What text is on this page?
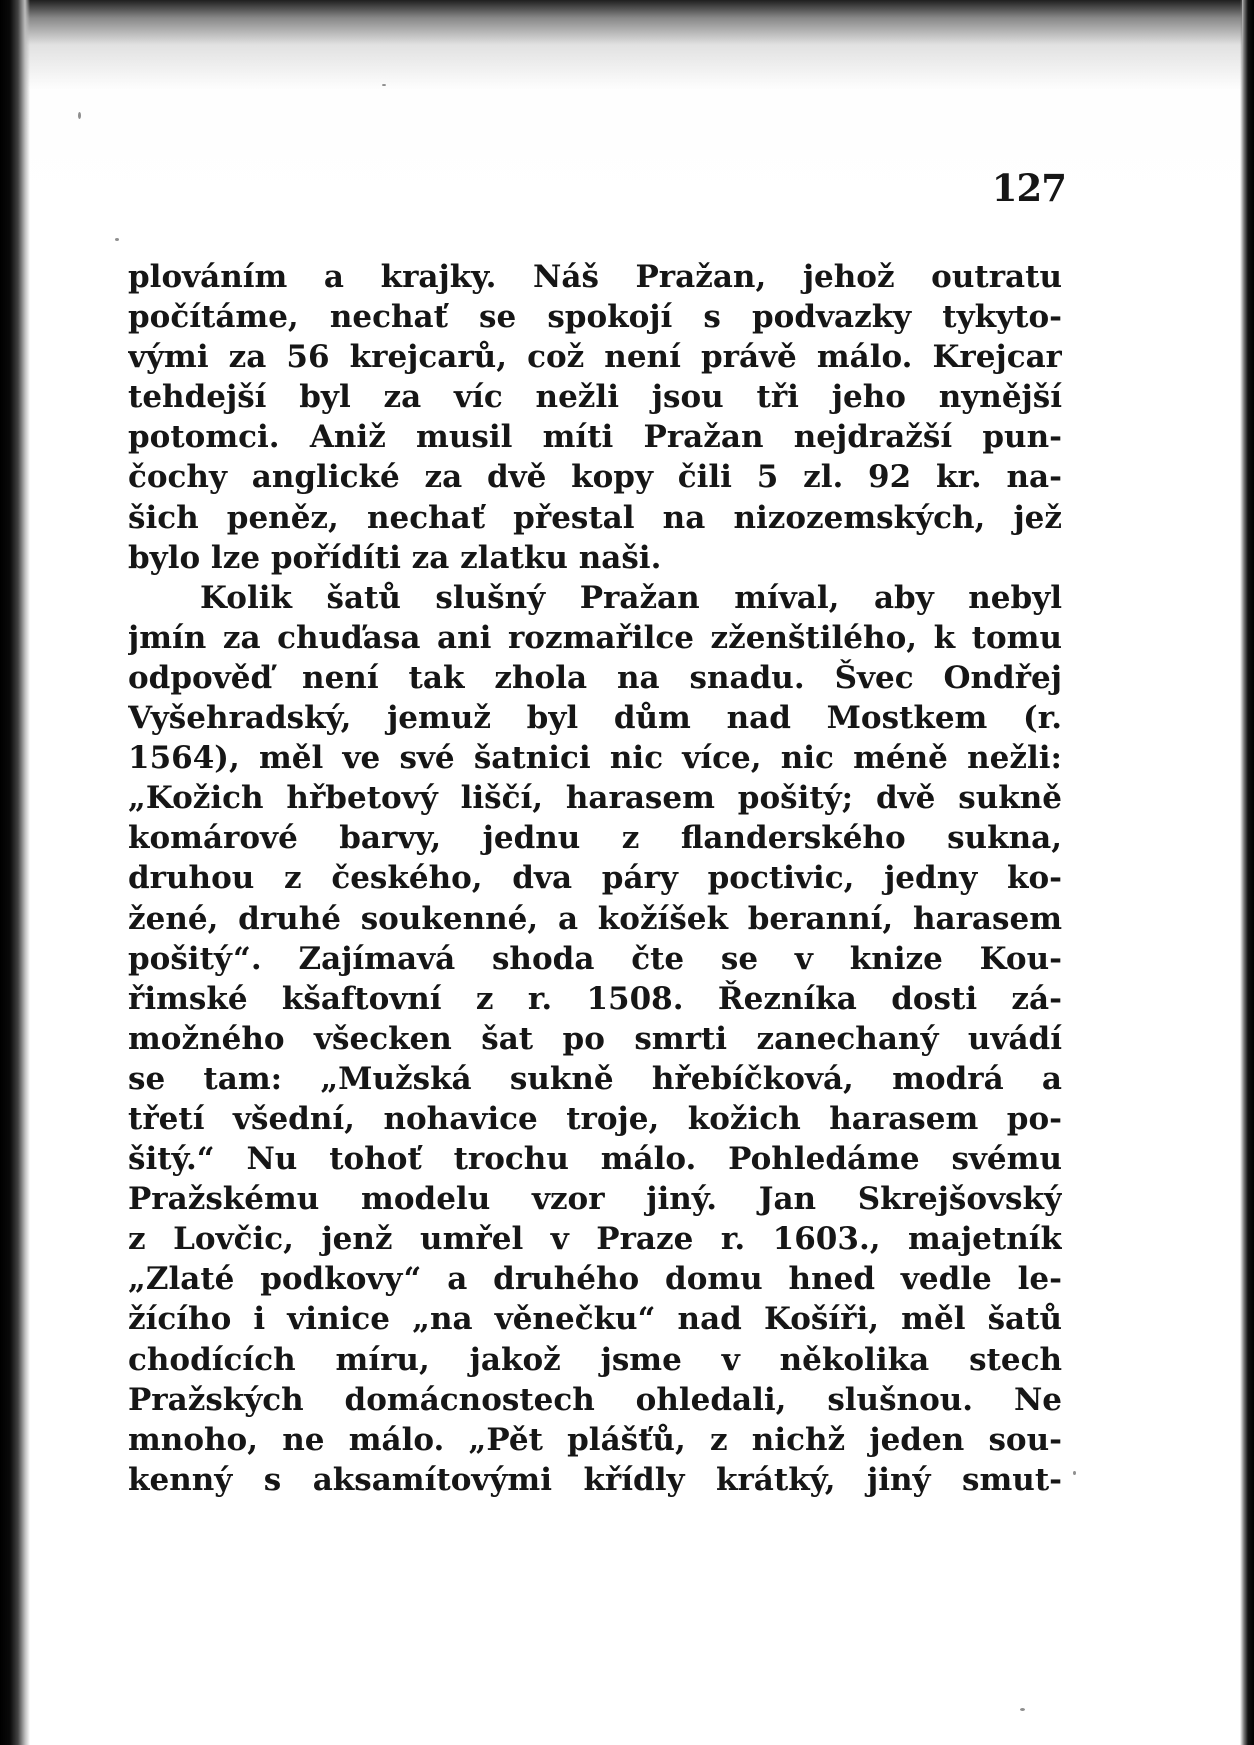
127
plováním a krajky. Náš Pražan, jehož outratu
počítáme, nechať se spokojí s podvazky tykyto-
vými za 56 krejcarů, což není právě málo. Krejcar
tehdejší byl za víc nežli jsou tři jeho nynější
potomci. Aniž musil míti Pražan nejdražší pun-
čochy anglické za dvě kopy čili 5 zl. 92 kr. na-
šich peněz, nechať přestal na nizozemských, jež
bylo lze pořídíti za zlatku naši.
Kolik šatů slušný Pražan míval, aby nebyl
jmín za chuďasa ani rozmařilce zženštilého, k tomu
odpověď není tak zhola na snadu. Švec Ondřej
Vyšehradský, jemuž byl dům nad Mostkem (r.
1564), měl ve své šatnici nic více, nic méně nežli:
„Kožich hřbetový liščí, harasem pošitý; dvě sukně
komárové barvy, jednu z flanderského sukna,
druhou z českého, dva páry poctivic, jedny ko-
žené, druhé soukenné, a kožíšek beranní, harasem
pošitý“. Zajímavá shoda čte se v knize Kou-
řimské kšaftovní z r. 1508. Řezníka dosti zá-
možného všecken šat po smrti zanechaný uvádí
se tam: „Mužská sukně hřebíčková, modrá a
třetí všední, nohavice troje, kožich harasem po-
šitý.“ Nu tohoť trochu málo. Pohledáme svému
Pražskému modelu vzor jiný. Jan Skrejšovský
z Lovčic, jenž umřel v Praze r. 1603., majetník
„Zlaté podkovy“ a druhého domu hned vedle le-
žícího i vinice „na věnečku“ nad Košíři, měl šatů
chodících míru, jakož jsme v několika stech
Pražských domácnostech ohledali, slušnou. Ne
mnoho, ne málo. „Pět plášťů, z nichž jeden sou-
kenný s aksamítovými křídly krátký, jiný smut-
